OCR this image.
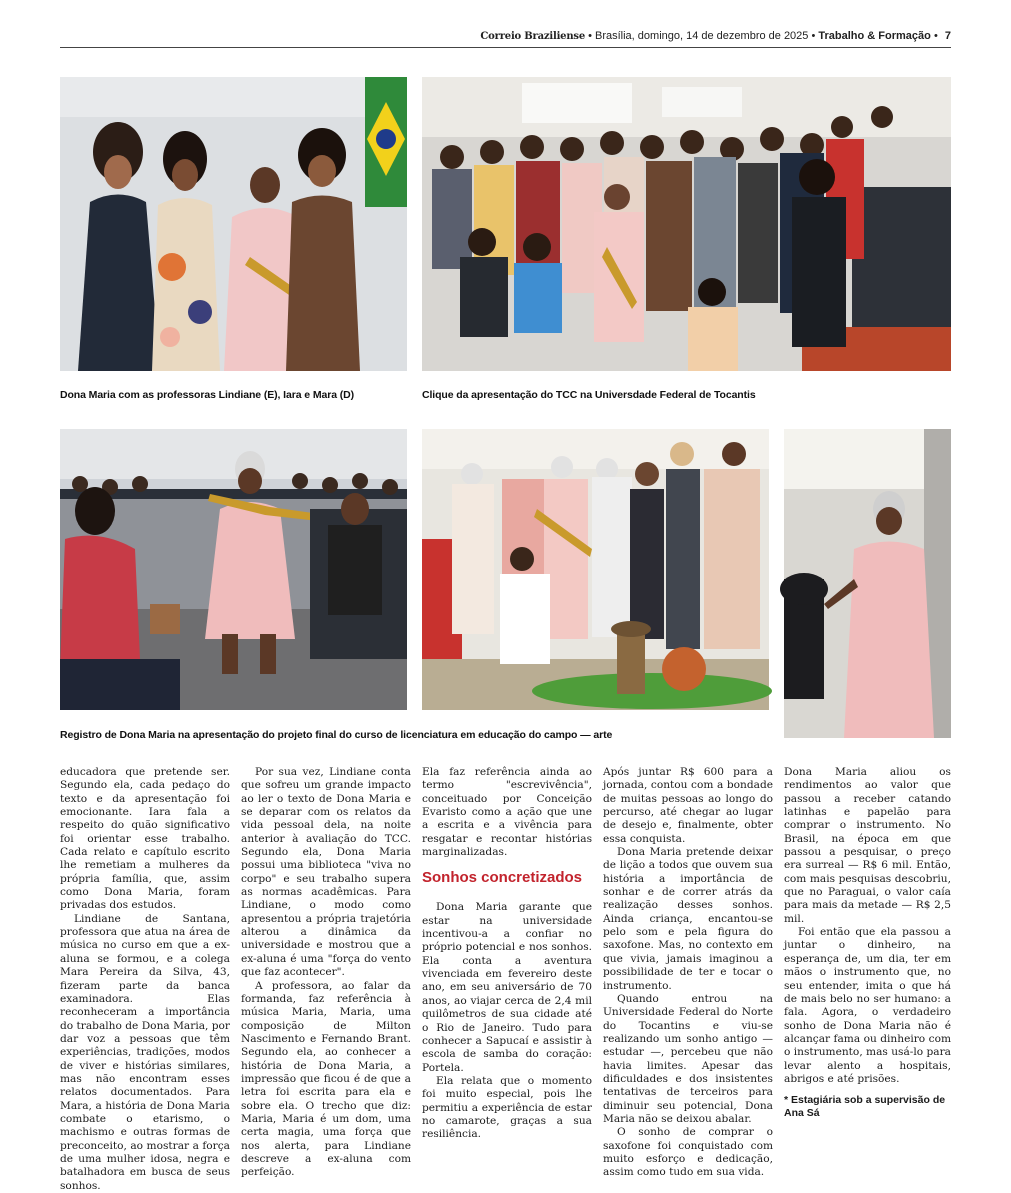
Correio Braziliense • Brasília, domingo, 14 de dezembro de 2025 • Trabalho & Formação • 7
Dona Maria com as professoras Lindiane (E), Iara e Mara (D)	Clique da apresentação do TCC na Universdade Federal de Tocantis
Registro de Dona Maria na apresentação do projeto final do curso de licenciatura em educação do campo — arte

educadora que pretende ser. Segundo ela, cada pedaço do texto e da apresentação foi emocionante. Iara fala a respeito do quão significativo foi orientar esse trabalho. Cada relato e capítulo escrito lhe remetiam a mulheres da própria família, que, assim como Dona Maria, foram privadas dos estudos.

Lindiane de Santana, professora que atua na área de música no curso em que a ex-aluna se formou, e a colega Mara Pereira da Silva, 43, fizeram parte da banca examinadora. Elas reconheceram a importância do trabalho de Dona Maria, por dar voz a pessoas que têm experiências, tradições, modos de viver e histórias similares, mas não encontram esses relatos documentados. Para Mara, a história de Dona Maria combate o etarismo, o machismo e outras formas de preconceito, ao mostrar a força de uma mulher idosa, negra e batalhadora em busca de seus sonhos.

Por sua vez, Lindiane conta que sofreu um grande impacto ao ler o texto de Dona Maria e se deparar com os relatos da vida pessoal dela, na noite anterior à avaliação do TCC. Segundo ela, Dona Maria possui uma biblioteca "viva no corpo" e seu trabalho supera as normas acadêmicas. Para Lindiane, o modo como apresentou a própria trajetória alterou a dinâmica da universidade e mostrou que a ex-aluna é uma "força do vento que faz acontecer".

A professora, ao falar da formanda, faz referência à música Maria, Maria, uma composição de Milton Nascimento e Fernando Brant. Segundo ela, ao conhecer a história de Dona Maria, a impressão que ficou é de que a letra foi escrita para ela e sobre ela. O trecho que diz: Maria, Maria é um dom, uma certa magia, uma força que nos alerta, para Lindiane descreve a ex-aluna com perfeição.

Ela faz referência ainda ao termo "escrevivência", conceituado por Conceição Evaristo como a ação que une a escrita e a vivência para resgatar e recontar histórias marginalizadas.

Sonhos concretizados

Dona Maria garante que estar na universidade incentivou-a a confiar no próprio potencial e nos sonhos. Ela conta a aventura vivenciada em fevereiro deste ano, em seu aniversário de 70 anos, ao viajar cerca de 2,4 mil quilômetros de sua cidade até o Rio de Janeiro. Tudo para conhecer a Sapucaí e assistir à escola de samba do coração: Portela.

Ela relata que o momento foi muito especial, pois lhe permitiu a experiência de estar no camarote, graças a sua resiliência.

Após juntar R$ 600 para a jornada, contou com a bondade de muitas pessoas ao longo do percurso, até chegar ao lugar de desejo e, finalmente, obter essa conquista.

Dona Maria pretende deixar de lição a todos que ouvem sua história a importância de sonhar e de correr atrás da realização desses sonhos. Ainda criança, encantou-se pelo som e pela figura do saxofone. Mas, no contexto em que vivia, jamais imaginou a possibilidade de ter e tocar o instrumento.

Quando entrou na Universidade Federal do Norte do Tocantins e viu-se realizando um sonho antigo — estudar —, percebeu que não havia limites. Apesar das dificuldades e dos insistentes tentativas de terceiros para diminuir seu potencial, Dona Maria não se deixou abalar.

O sonho de comprar o saxofone foi conquistado com muito esforço e dedicação, assim como tudo em sua vida.

Dona Maria aliou os rendimentos ao valor que passou a receber catando latinhas e papelão para comprar o instrumento. No Brasil, na época em que passou a pesquisar, o preço era surreal — R$ 6 mil. Então, com mais pesquisas descobriu, que no Paraguai, o valor caía para mais da metade — R$ 2,5 mil.

Foi então que ela passou a juntar o dinheiro, na esperança de, um dia, ter em mãos o instrumento que, no seu entender, imita o que há de mais belo no ser humano: a fala. Agora, o verdadeiro sonho de Dona Maria não é alcançar fama ou dinheiro com o instrumento, mas usá-lo para levar alento a hospitais, abrigos e até prisões.

* Estagiária sob a supervisão de Ana Sá
